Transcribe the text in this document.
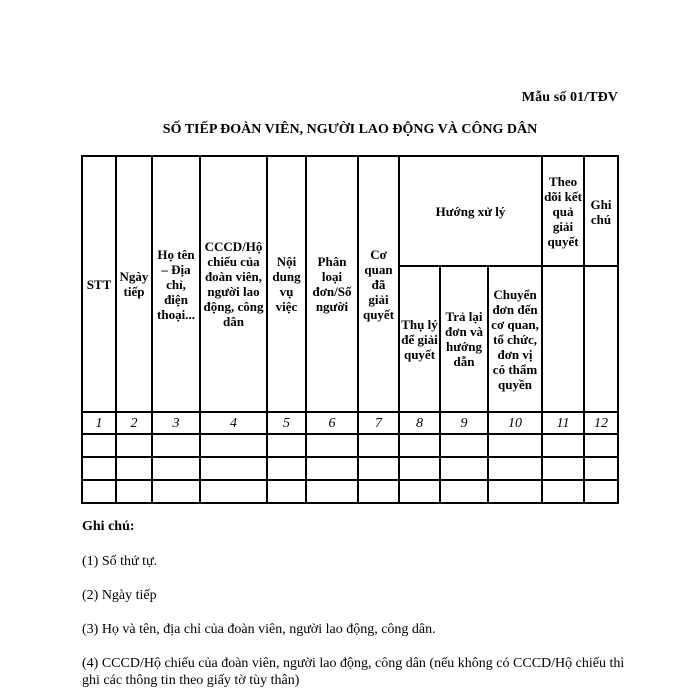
Mẫu số 01/TĐV
SỐ TIẾP ĐOÀN VIÊN, NGƯỜI LAO ĐỘNG VÀ CÔNG DÂN
STT	Ngày tiếp	Họ tên – Địa chỉ, điện thoại...	CCCD/Hộ chiếu của đoàn viên, người lao động, công dân	Nội dung vụ việc	Phân loại đơn/Số người	Cơ quan đã giải quyết	Hướng xử lý			Theo dõi kết quả giải quyết	Ghi chú
							Thụ lý để giải quyết	Trả lại đơn và hướng dẫn	Chuyển đơn đến cơ quan, tổ chức, đơn vị có thẩm quyền		
1	2	3	4	5	6	7	8	9	10	11	12

Ghi chú:
(1) Số thứ tự.
(2) Ngày tiếp
(3) Họ và tên, địa chỉ của đoàn viên, người lao động, công dân.
(4) CCCD/Hộ chiếu của đoàn viên, người lao động, công dân (nếu không có CCCD/Hộ chiếu thì ghi các thông tin theo giấy tờ tùy thân)
